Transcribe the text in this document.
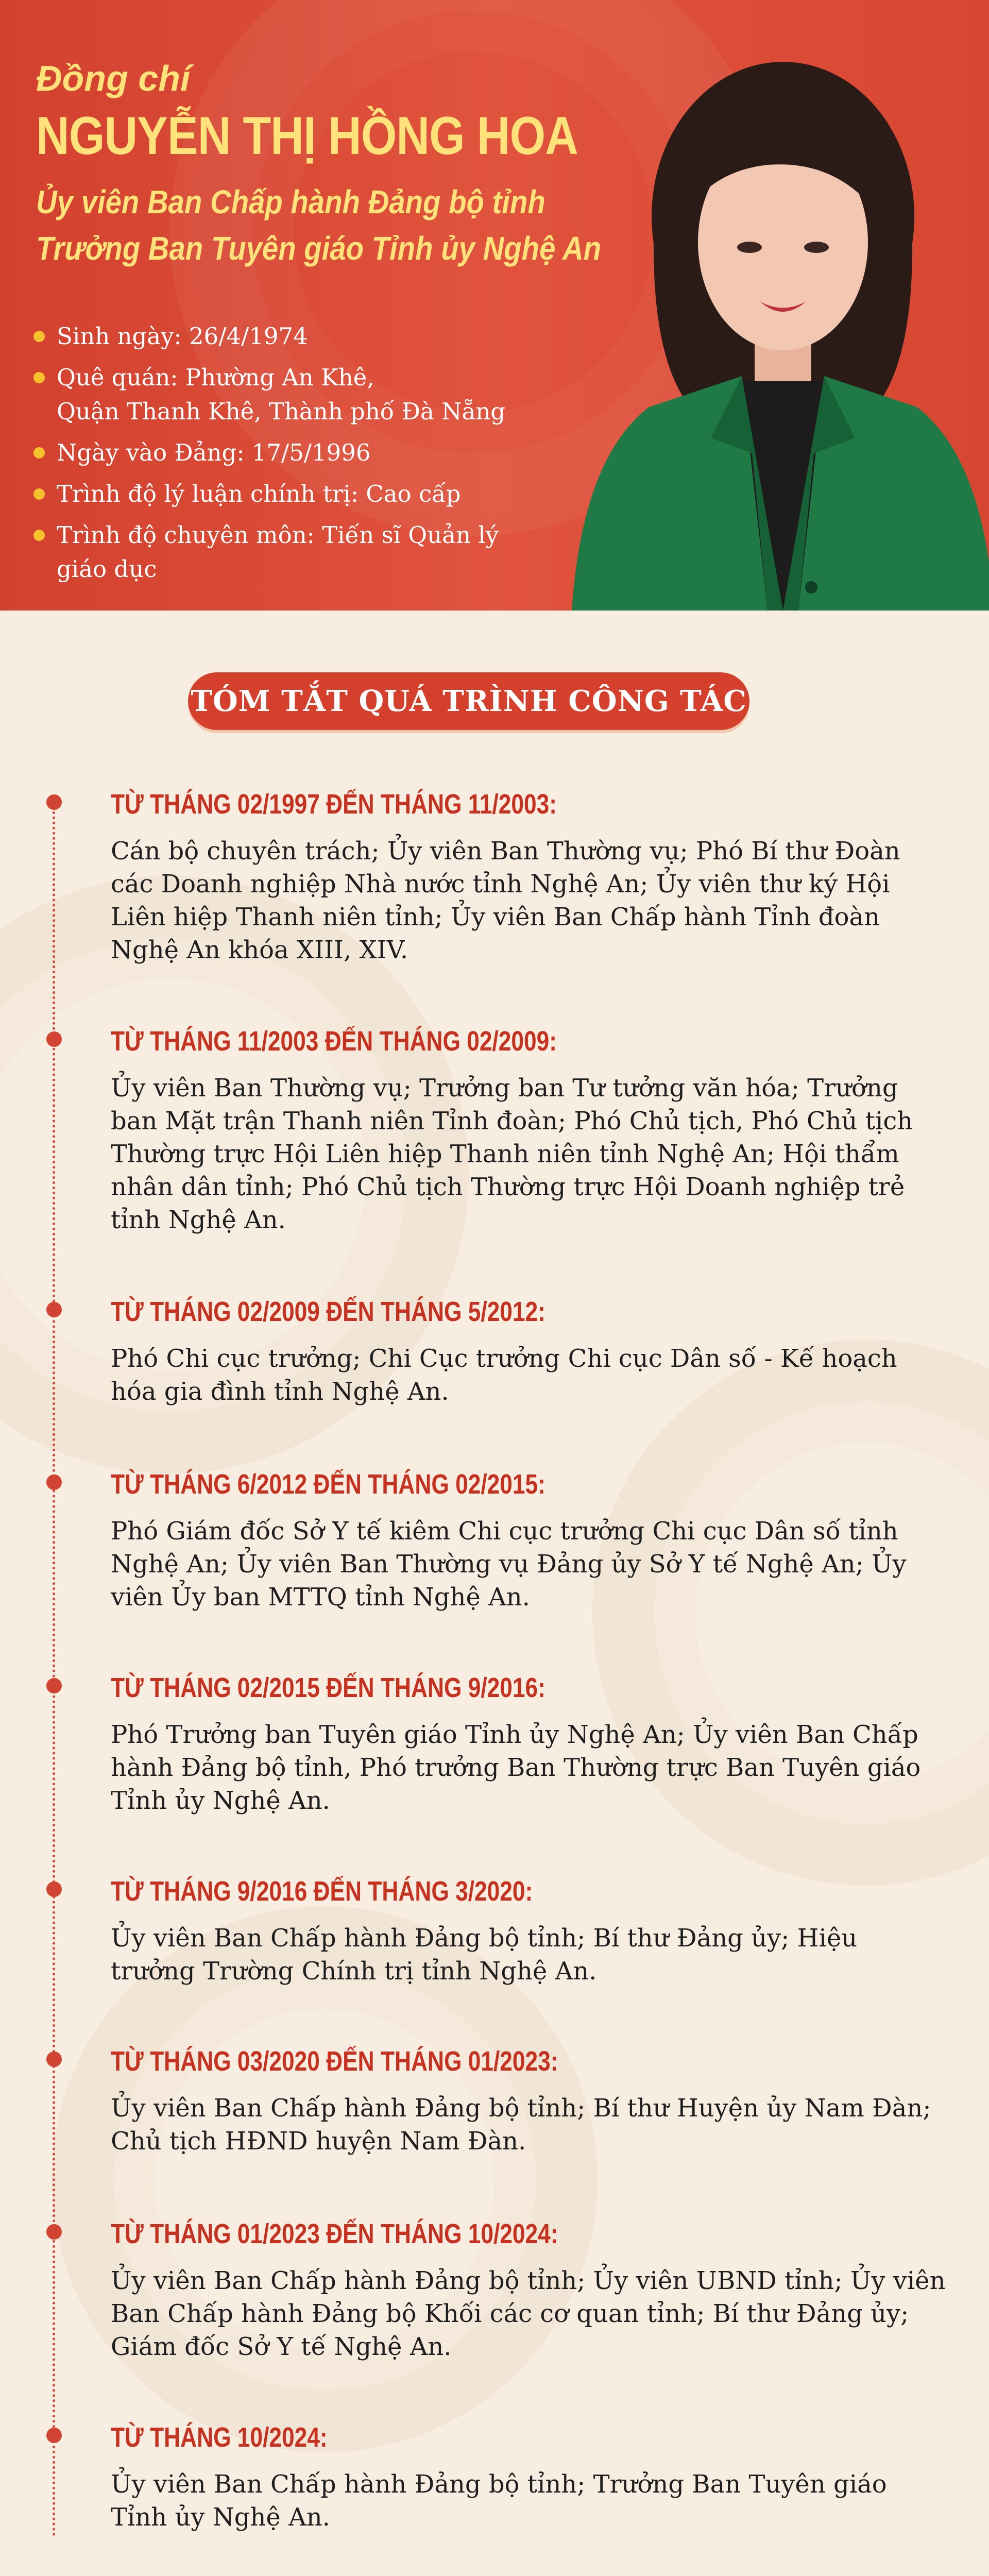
Đồng chí
NGUYỄN THỊ HỒNG HOA
Ủy viên Ban Chấp hành Đảng bộ tỉnh
Trưởng Ban Tuyên giáo Tỉnh ủy Nghệ An
Sinh ngày: 26/4/1974
Quê quán: Phường An Khê,
Quận Thanh Khê, Thành phố Đà Nẵng
Ngày vào Đảng: 17/5/1996
Trình độ lý luận chính trị: Cao cấp
Trình độ chuyên môn: Tiến sĩ Quản lý
giáo dục
TÓM TẮT QUÁ TRÌNH CÔNG TÁC
TỪ THÁNG 02/1997 ĐẾN THÁNG 11/2003:
Cán bộ chuyên trách; Ủy viên Ban Thường vụ; Phó Bí thư Đoàn
các Doanh nghiệp Nhà nước tỉnh Nghệ An; Ủy viên thư ký Hội
Liên hiệp Thanh niên tỉnh; Ủy viên Ban Chấp hành Tỉnh đoàn
Nghệ An khóa XIII, XIV.
TỪ THÁNG 11/2003 ĐẾN THÁNG 02/2009:
Ủy viên Ban Thường vụ; Trưởng ban Tư tưởng văn hóa; Trưởng
ban Mặt trận Thanh niên Tỉnh đoàn; Phó Chủ tịch, Phó Chủ tịch
Thường trực Hội Liên hiệp Thanh niên tỉnh Nghệ An; Hội thẩm
nhân dân tỉnh; Phó Chủ tịch Thường trực Hội Doanh nghiệp trẻ
tỉnh Nghệ An.
TỪ THÁNG 02/2009 ĐẾN THÁNG 5/2012:
Phó Chi cục trưởng; Chi Cục trưởng Chi cục Dân số - Kế hoạch
hóa gia đình tỉnh Nghệ An.
TỪ THÁNG 6/2012 ĐẾN THÁNG 02/2015:
Phó Giám đốc Sở Y tế kiêm Chi cục trưởng Chi cục Dân số tỉnh
Nghệ An; Ủy viên Ban Thường vụ Đảng ủy Sở Y tế Nghệ An; Ủy
viên Ủy ban MTTQ tỉnh Nghệ An.
TỪ THÁNG 02/2015 ĐẾN THÁNG 9/2016:
Phó Trưởng ban Tuyên giáo Tỉnh ủy Nghệ An; Ủy viên Ban Chấp
hành Đảng bộ tỉnh, Phó trưởng Ban Thường trực Ban Tuyên giáo
Tỉnh ủy Nghệ An.
TỪ THÁNG 9/2016 ĐẾN THÁNG 3/2020:
Ủy viên Ban Chấp hành Đảng bộ tỉnh; Bí thư Đảng ủy; Hiệu
trưởng Trường Chính trị tỉnh Nghệ An.
TỪ THÁNG 03/2020 ĐẾN THÁNG 01/2023:
Ủy viên Ban Chấp hành Đảng bộ tỉnh; Bí thư Huyện ủy Nam Đàn;
Chủ tịch HĐND huyện Nam Đàn.
TỪ THÁNG 01/2023 ĐẾN THÁNG 10/2024:
Ủy viên Ban Chấp hành Đảng bộ tỉnh; Ủy viên UBND tỉnh; Ủy viên
Ban Chấp hành Đảng bộ Khối các cơ quan tỉnh; Bí thư Đảng ủy;
Giám đốc Sở Y tế Nghệ An.
TỪ THÁNG 10/2024:
Ủy viên Ban Chấp hành Đảng bộ tỉnh; Trưởng Ban Tuyên giáo
Tỉnh ủy Nghệ An.
